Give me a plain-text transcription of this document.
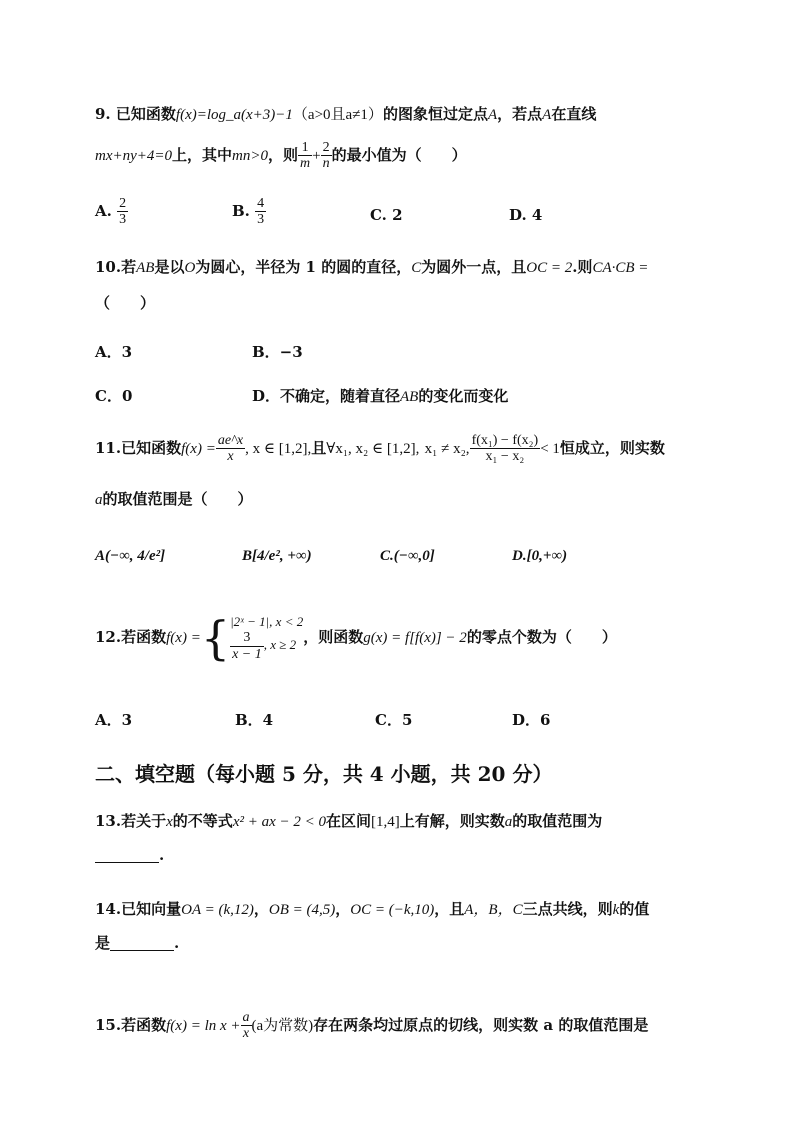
9. 已知函数f(x)=log_a(x+3)−1（a>0且a≠1）的图象恒过定点A，若点A在直线
mx+ny+4=0上，其中mn>0，则 $\frac{1}{m} + \frac{2}{n}$ 的最小值为（　　）
A. $\frac{2}{3}$	B. $\frac{4}{3}$	C. 2	D. 4
10.若AB是以O为圆心，半径为 1 的圆的直径，C为圆外一点，且OC = 2.则CA·CB =
（　　）
A．3	B．−3
C．0	D．不确定，随着直径AB的变化而变化
11.已知函数$f(x) = \frac{ae\^{}x}{x}$ , x ∈ [1,2],且∀x₁, x₂ ∈ [1,2], x₁ ≠ x₂, $\frac{\text{f(x₁) − f(x₂)}}{\text{x₁ − x₂}} < 1$恒成立，则实数
a的取值范围是（　　）
A(−∞, 4/e²]	B[4/e², +∞)	C.(−∞,0]	D.[0,+∞)
12.若函数f(x) ={ |2ˣ − 1|, x < 2
$\frac{3}{x - 1}$ , x ≥ 2 ，则函数g(x) = f[f(x)] − 2的零点个数为（　　）
A．3	B．4	C．5	D．6
二、填空题（每小题 5 分，共 4 小题，共 20 分）
13.若关于x的不等式x² + ax − 2 < 0在区间[1,4]上有解，则实数a的取值范围为
.
14.已知向量OA = (k,12)，OB = (4,5)，OC = (−k,10)，且A，B，C三点共线，则k的值
是	.
15.若函数$f(x) = \ln x + \frac{a}{x} (a$为常数)存在两条均过原点的切线，则实数 a 的取值范围是
